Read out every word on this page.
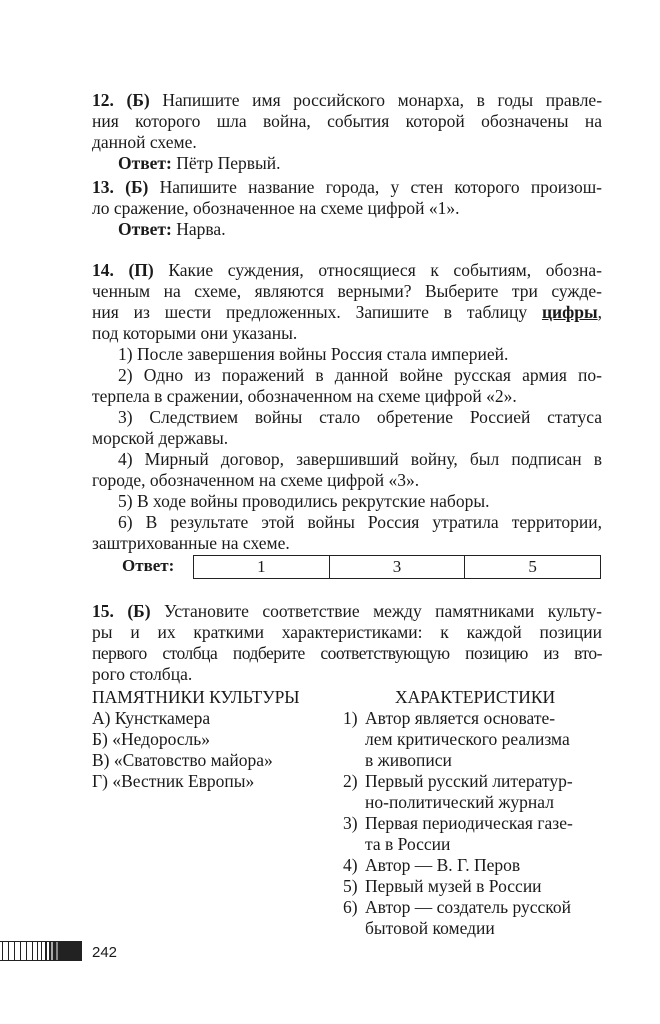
12. (Б) Напишите имя российского монарха, в годы правле-
ния которого шла война, события которой обозначены на
данной схеме.
Ответ: Пётр Первый.
13. (Б) Напишите название города, у стен которого произош-
ло сражение, обозначенное на схеме цифрой «1».
Ответ: Нарва.
14. (П) Какие суждения, относящиеся к событиям, обозна-
ченным на схеме, являются верными? Выберите три сужде-
ния из шести предложенных. Запишите в таблицу цифры,
под которыми они указаны.
1) После завершения войны Россия стала империей.
2) Одно из поражений в данной войне русская армия по-
терпела в сражении, обозначенном на схеме цифрой «2».
3) Следствием войны стало обретение Россией статуса
морской державы.
4) Мирный договор, завершивший войну, был подписан в
городе, обозначенном на схеме цифрой «3».
5) В ходе войны проводились рекрутские наборы.
6) В результате этой войны Россия утратила территории,
заштрихованные на схеме.
Ответ:	1	3	5
15. (Б) Установите соответствие между памятниками культу-
ры и их краткими характеристиками: к каждой позиции
первого столбца подберите соответствующую позицию из вто-
рого столбца.
ПАМЯТНИКИ КУЛЬТУРЫ
А) Кунсткамера
Б) «Недоросль»
В) «Сватовство майора»
Г) «Вестник Европы»
ХАРАКТЕРИСТИКИ
1) Автор является основате-
лем критического реализма
в живописи
2) Первый русский литератур-
но-политический журнал
3) Первая периодическая газе-
та в России
4) Автор — В. Г. Перов
5) Первый музей в России
6) Автор — создатель русской
бытовой комедии
242
